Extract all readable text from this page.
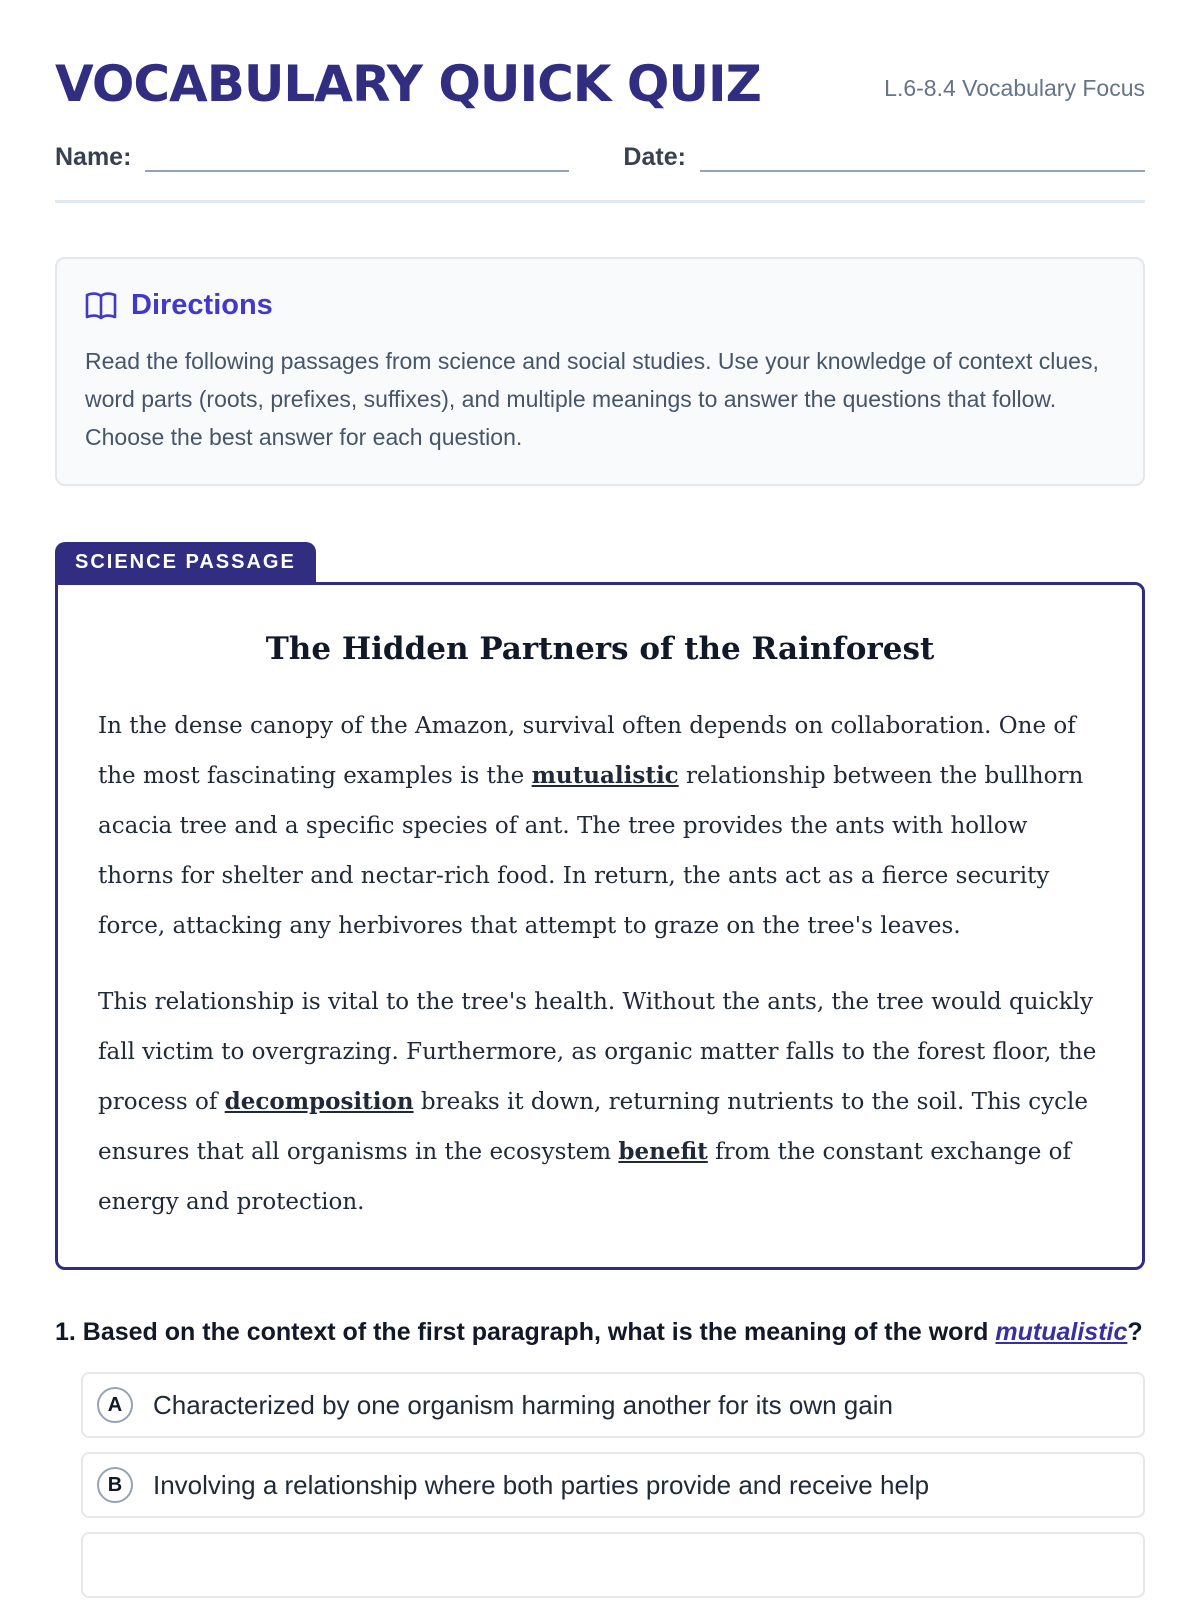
VOCABULARY QUICK QUIZ	L.6-8.4 Vocabulary Focus
Name:	Date:
Directions
Read the following passages from science and social studies. Use your knowledge of context clues, word parts (roots, prefixes, suffixes), and multiple meanings to answer the questions that follow. Choose the best answer for each question.
SCIENCE PASSAGE
The Hidden Partners of the Rainforest

In the dense canopy of the Amazon, survival often depends on collaboration. One of the most fascinating examples is the mutualistic relationship between the bullhorn acacia tree and a specific species of ant. The tree provides the ants with hollow thorns for shelter and nectar-rich food. In return, the ants act as a fierce security force, attacking any herbivores that attempt to graze on the tree's leaves.

This relationship is vital to the tree's health. Without the ants, the tree would quickly fall victim to overgrazing. Furthermore, as organic matter falls to the forest floor, the process of decomposition breaks it down, returning nutrients to the soil. This cycle ensures that all organisms in the ecosystem benefit from the constant exchange of energy and protection.

1. Based on the context of the first paragraph, what is the meaning of the word mutualistic?
A	Characterized by one organism harming another for its own gain
B	Involving a relationship where both parties provide and receive help
